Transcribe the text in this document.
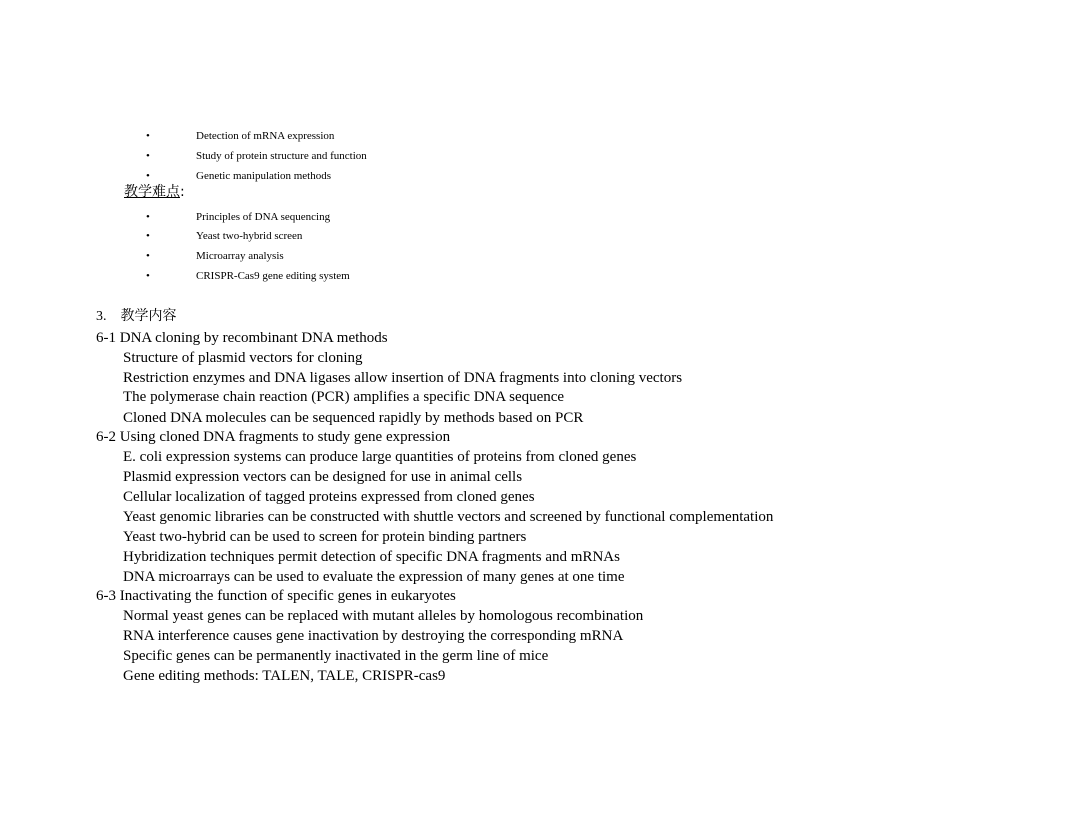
•	Detection of mRNA expression
•	Study of protein structure and function
•	Genetic manipulation methods
教学难点:
•	Principles of DNA sequencing
•	Yeast two-hybrid screen
•	Microarray analysis
•	CRISPR-Cas9 gene editing system
3. 教学内容
6-1 DNA cloning by recombinant DNA methods
Structure of plasmid vectors for cloning
Restriction enzymes and DNA ligases allow insertion of DNA fragments into cloning vectors
The polymerase chain reaction (PCR) amplifies a specific DNA sequence
Cloned DNA molecules can be sequenced rapidly by methods based on PCR
6-2 Using cloned DNA fragments to study gene expression
E. coli expression systems can produce large quantities of proteins from cloned genes
Plasmid expression vectors can be designed for use in animal cells
Cellular localization of tagged proteins expressed from cloned genes
Yeast genomic libraries can be constructed with shuttle vectors and screened by functional complementation
Yeast two-hybrid can be used to screen for protein binding partners
Hybridization techniques permit detection of specific DNA fragments and mRNAs
DNA microarrays can be used to evaluate the expression of many genes at one time
6-3 Inactivating the function of specific genes in eukaryotes
Normal yeast genes can be replaced with mutant alleles by homologous recombination
RNA interference causes gene inactivation by destroying the corresponding mRNA
Specific genes can be permanently inactivated in the germ line of mice
Gene editing methods: TALEN, TALE, CRISPR-cas9
